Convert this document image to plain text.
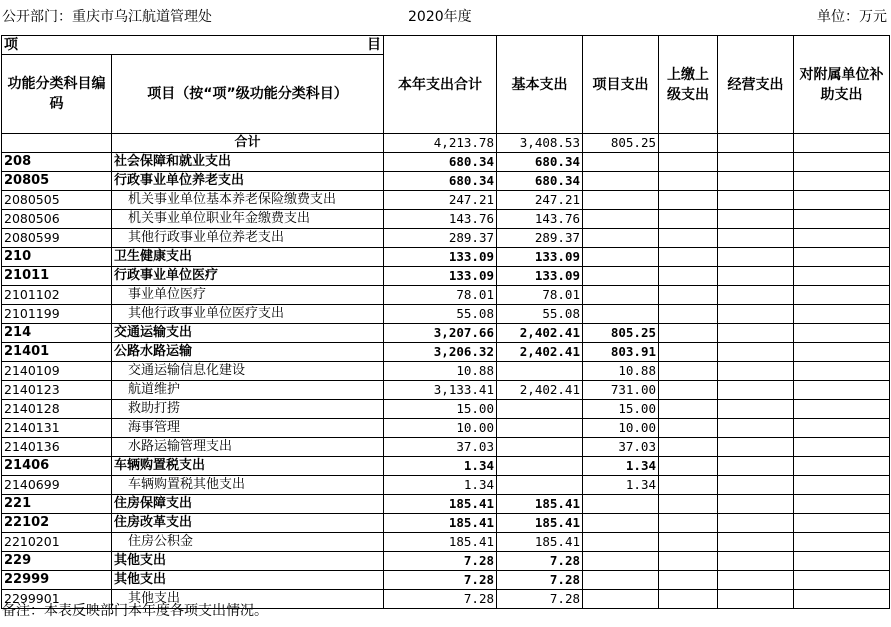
公开部门：重庆市乌江航道管理处	2020年度	单位：万元
项 目		本年支出合计	基本支出	项目支出	上缴上级支出	经营支出	对附属单位补助支出
功能分类科目编码	项目（按“项”级功能分类科目）						
	合计	4,213.78	3,408.53	805.25			
208	社会保障和就业支出	680.34	680.34				
20805	行政事业单位养老支出	680.34	680.34				
2080505	机关事业单位基本养老保险缴费支出	247.21	247.21				
2080506	机关事业单位职业年金缴费支出	143.76	143.76				
2080599	其他行政事业单位养老支出	289.37	289.37				
210	卫生健康支出	133.09	133.09				
21011	行政事业单位医疗	133.09	133.09				
2101102	事业单位医疗	78.01	78.01				
2101199	其他行政事业单位医疗支出	55.08	55.08				
214	交通运输支出	3,207.66	2,402.41	805.25			
21401	公路水路运输	3,206.32	2,402.41	803.91			
2140109	交通运输信息化建设	10.88		10.88			
2140123	航道维护	3,133.41	2,402.41	731.00			
2140128	救助打捞	15.00		15.00			
2140131	海事管理	10.00		10.00			
2140136	水路运输管理支出	37.03		37.03			
21406	车辆购置税支出	1.34		1.34			
2140699	车辆购置税其他支出	1.34		1.34			
221	住房保障支出	185.41	185.41				
22102	住房改革支出	185.41	185.41				
2210201	住房公积金	185.41	185.41				
229	其他支出	7.28	7.28				
22999	其他支出	7.28	7.28				
2299901	其他支出	7.28	7.28				
备注：本表反映部门本年度各项支出情况。
